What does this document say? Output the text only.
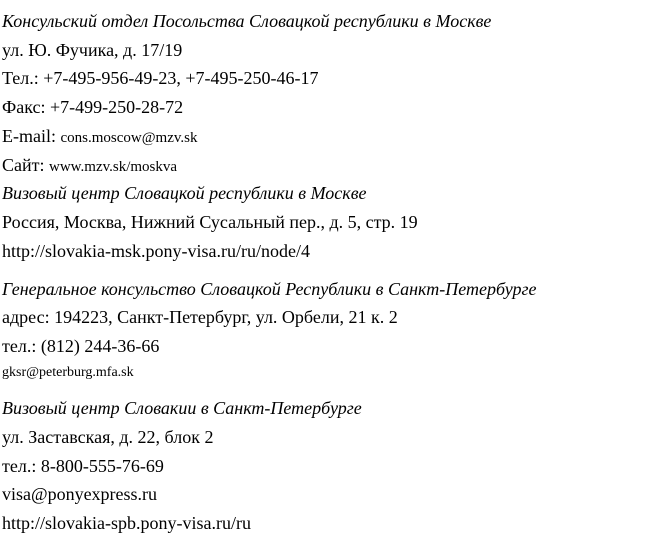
Консульский отдел Посольства Словацкой республики в Москве
ул. Ю. Фучика, д. 17/19
Тел.: +7-495-956-49-23, +7-495-250-46-17
Факс: +7-499-250-28-72
E-mail: cons.moscow@mzv.sk
Сайт: www.mzv.sk/moskva
Визовый центр Словацкой республики в Москве
Россия, Москва, Нижний Сусальный пер., д. 5, стр. 19
http://slovakia-msk.pony-visa.ru/ru/node/4
Генеральное консульство Словацкой Республики в Санкт-Петербурге
адрес: 194223, Санкт-Петербург, ул. Орбели, 21 к. 2
тел.: (812) 244-36-66
gksr@peterburg.mfa.sk
Визовый центр Словакии в Санкт-Петербурге
ул. Заставская, д. 22, блок 2
тел.: 8-800-555-76-69
visa@ponyexpress.ru
http://slovakia-spb.pony-visa.ru/ru
